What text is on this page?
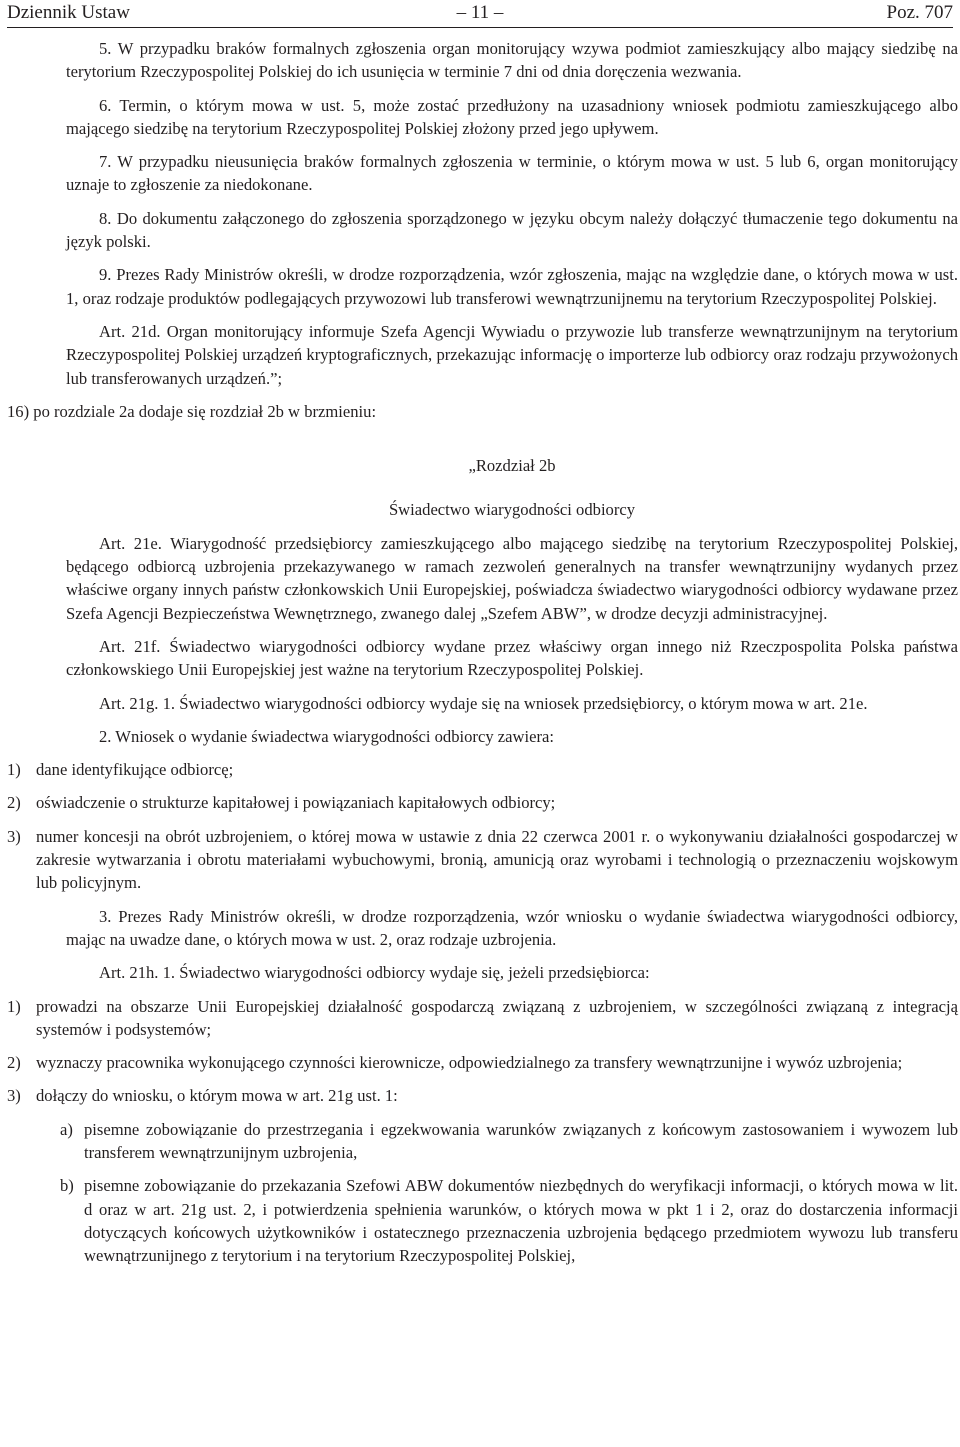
Dziennik Ustaw	– 11 –	Poz. 707

5. W przypadku braków formalnych zgłoszenia organ monitorujący wzywa podmiot zamieszkujący albo mający siedzibę na terytorium Rzeczypospolitej Polskiej do ich usunięcia w terminie 7 dni od dnia doręczenia wezwania.

6. Termin, o którym mowa w ust. 5, może zostać przedłużony na uzasadniony wniosek podmiotu zamieszkującego albo mającego siedzibę na terytorium Rzeczypospolitej Polskiej złożony przed jego upływem.

7. W przypadku nieusunięcia braków formalnych zgłoszenia w terminie, o którym mowa w ust. 5 lub 6, organ monitorujący uznaje to zgłoszenie za niedokonane.

8. Do dokumentu załączonego do zgłoszenia sporządzonego w języku obcym należy dołączyć tłumaczenie tego dokumentu na język polski.

9. Prezes Rady Ministrów określi, w drodze rozporządzenia, wzór zgłoszenia, mając na względzie dane, o których mowa w ust. 1, oraz rodzaje produktów podlegających przywozowi lub transferowi wewnątrzunijnemu na terytorium Rzeczypospolitej Polskiej.

Art. 21d. Organ monitorujący informuje Szefa Agencji Wywiadu o przywozie lub transferze wewnątrzunijnym na terytorium Rzeczypospolitej Polskiej urządzeń kryptograficznych, przekazując informację o importerze lub odbiorcy oraz rodzaju przywożonych lub transferowanych urządzeń.”;

16) po rozdziale 2a dodaje się rozdział 2b w brzmieniu:

„Rozdział 2b

Świadectwo wiarygodności odbiorcy

Art. 21e. Wiarygodność przedsiębiorcy zamieszkującego albo mającego siedzibę na terytorium Rzeczypospolitej Polskiej, będącego odbiorcą uzbrojenia przekazywanego w ramach zezwoleń generalnych na transfer wewnątrzunijny wydanych przez właściwe organy innych państw członkowskich Unii Europejskiej, poświadcza świadectwo wiarygodności odbiorcy wydawane przez Szefa Agencji Bezpieczeństwa Wewnętrznego, zwanego dalej „Szefem ABW”, w drodze decyzji administracyjnej.

Art. 21f. Świadectwo wiarygodności odbiorcy wydane przez właściwy organ innego niż Rzeczpospolita Polska państwa członkowskiego Unii Europejskiej jest ważne na terytorium Rzeczypospolitej Polskiej.

Art. 21g. 1. Świadectwo wiarygodności odbiorcy wydaje się na wniosek przedsiębiorcy, o którym mowa w art. 21e.

2. Wniosek o wydanie świadectwa wiarygodności odbiorcy zawiera:

1) dane identyfikujące odbiorcę;
2) oświadczenie o strukturze kapitałowej i powiązaniach kapitałowych odbiorcy;
3) numer koncesji na obrót uzbrojeniem, o której mowa w ustawie z dnia 22 czerwca 2001 r. o wykonywaniu działalności gospodarczej w zakresie wytwarzania i obrotu materiałami wybuchowymi, bronią, amunicją oraz wyrobami i technologią o przeznaczeniu wojskowym lub policyjnym.

3. Prezes Rady Ministrów określi, w drodze rozporządzenia, wzór wniosku o wydanie świadectwa wiarygodności odbiorcy, mając na uwadze dane, o których mowa w ust. 2, oraz rodzaje uzbrojenia.

Art. 21h. 1. Świadectwo wiarygodności odbiorcy wydaje się, jeżeli przedsiębiorca:

1) prowadzi na obszarze Unii Europejskiej działalność gospodarczą związaną z uzbrojeniem, w szczególności związaną z integracją systemów i podsystemów;
2) wyznaczy pracownika wykonującego czynności kierownicze, odpowiedzialnego za transfery wewnątrzunijne i wywóz uzbrojenia;
3) dołączy do wniosku, o którym mowa w art. 21g ust. 1:
a) pisemne zobowiązanie do przestrzegania i egzekwowania warunków związanych z końcowym zastosowaniem i wywozem lub transferem wewnątrzunijnym uzbrojenia,
b) pisemne zobowiązanie do przekazania Szefowi ABW dokumentów niezbędnych do weryfikacji informacji, o których mowa w lit. d oraz w art. 21g ust. 2, i potwierdzenia spełnienia warunków, o których mowa w pkt 1 i 2, oraz do dostarczenia informacji dotyczących końcowych użytkowników i ostatecznego przeznaczenia uzbrojenia będącego przedmiotem wywozu lub transferu wewnątrzunijnego z terytorium i na terytorium Rzeczypospolitej Polskiej,
